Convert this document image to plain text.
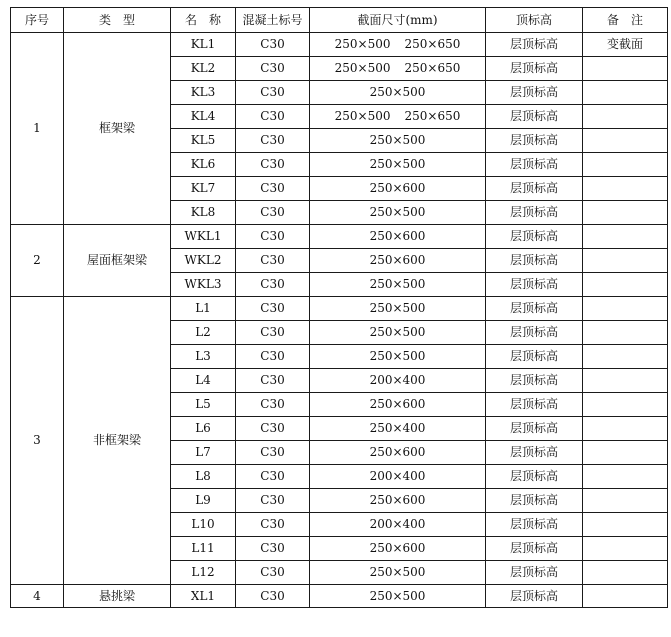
序号	类　型	名　称	混凝土标号	截面尺寸(mm)	顶标高	备　注
1	框架梁	KL1	C30	250×500 250×650	层顶标高	变截面
		KL2	C30	250×500 250×650	层顶标高	
		KL3	C30	250×500	层顶标高	
		KL4	C30	250×500 250×650	层顶标高	
		KL5	C30	250×500	层顶标高	
		KL6	C30	250×500	层顶标高	
		KL7	C30	250×600	层顶标高	
		KL8	C30	250×500	层顶标高	
2	屋面框架梁	WKL1	C30	250×600	层顶标高	
		WKL2	C30	250×600	层顶标高	
		WKL3	C30	250×500	层顶标高	
3	非框架梁	L1	C30	250×500	层顶标高	
		L2	C30	250×500	层顶标高	
		L3	C30	250×500	层顶标高	
		L4	C30	200×400	层顶标高	
		L5	C30	250×600	层顶标高	
		L6	C30	250×400	层顶标高	
		L7	C30	250×600	层顶标高	
		L8	C30	200×400	层顶标高	
		L9	C30	250×600	层顶标高	
		L10	C30	200×400	层顶标高	
		L11	C30	250×600	层顶标高	
		L12	C30	250×500	层顶标高	
4	悬挑梁	XL1	C30	250×500	层顶标高	
